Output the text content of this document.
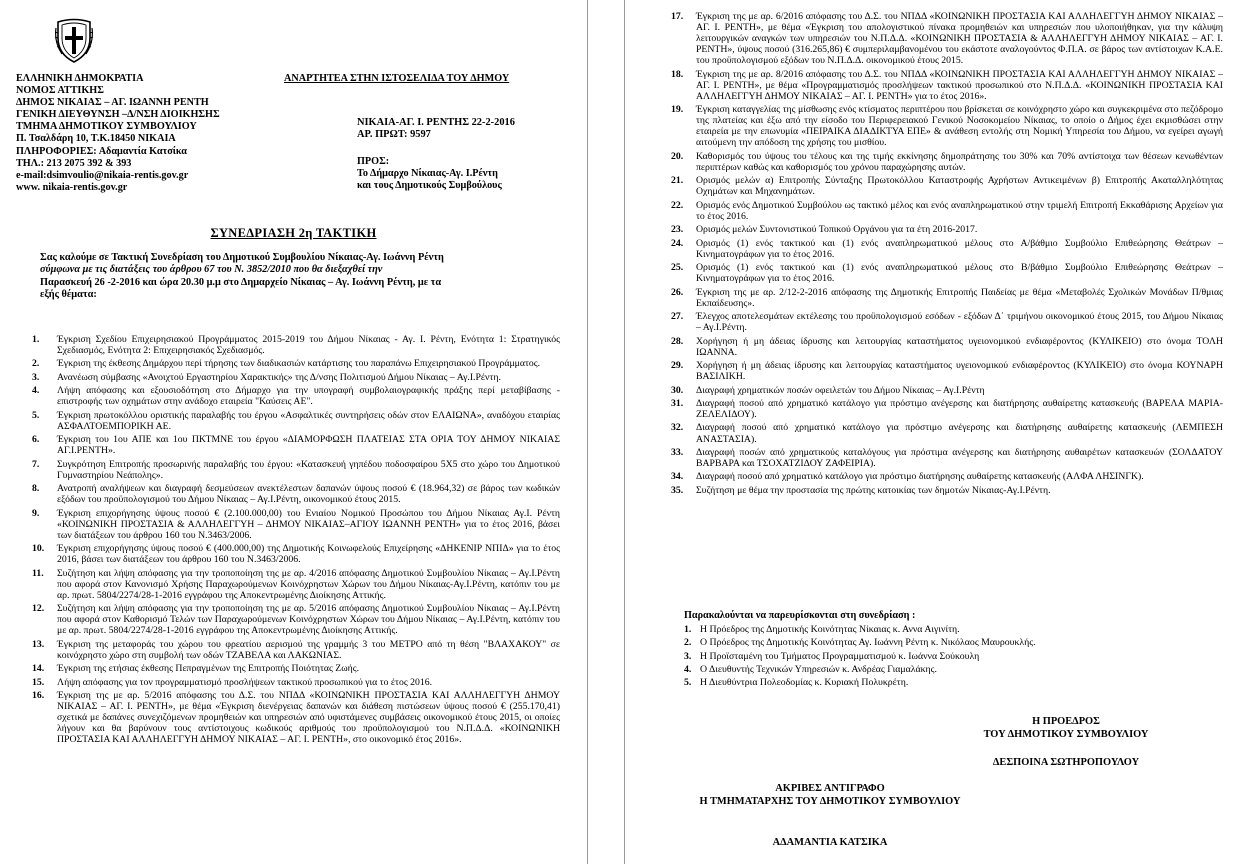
ΕΛΛΗΝΙΚΗ ΔΗΜΟΚΡΑΤΙΑ
ΝΟΜΟΣ ΑΤΤΙΚΗΣ
ΔΗΜΟΣ ΝΙΚΑΙΑΣ – ΑΓ. ΙΩΑΝΝΗ ΡΕΝΤΗ
ΓΕΝΙΚΗ ΔΙΕΥΘΥΝΣΗ –Δ/ΝΣΗ ΔΙΟΙΚΗΣΗΣ
ΤΜΗΜΑ ΔΗΜΟΤΙΚΟΥ ΣΥΜΒΟΥΛΙΟΥ
Π. Τσαλδάρη 10, Τ.Κ.18450 ΝΙΚΑΙΑ
ΠΛΗΡΟΦΟΡΙΕΣ: Αδαμαντία Κατσίκα
ΤΗΛ.: 213 2075 392 & 393
e-mail:dsimvoulio@nikaia-rentis.gov.gr
www. nikaia-rentis.gov.gr
ΑΝΑΡΤΗΤΕΑ ΣΤΗΝ ΙΣΤΟΣΕΛΙΔΑ ΤΟΥ ΔΗΜΟΥ
ΝΙΚΑΙΑ-ΑΓ. Ι. ΡΕΝΤΗΣ 22-2-2016
ΑΡ. ΠΡΩΤ: 9597
ΠΡΟΣ:
Το Δήμαρχο Νίκαιας-Αγ. Ι.Ρέντη
και τους Δημοτικούς Συμβούλους
ΣΥΝΕΔΡΙΑΣΗ 2η ΤΑΚΤΙΚΗ
Σας καλούμε σε Τακτική Συνεδρίαση του Δημοτικού Συμβουλίου Νίκαιας-Αγ. Ιωάννη Ρέντη
σύμφωνα με τις διατάξεις του άρθρου 67 του Ν. 3852/2010 που θα διεξαχθεί την
Παρασκευή 26 -2-2016 και ώρα 20.30 μ.μ στο Δημαρχείο Νίκαιας – Αγ. Ιωάννη Ρέντη, με τα
εξής θέματα:
1. Έγκριση Σχεδίου Επιχειρησιακού Προγράμματος 2015-2019 του Δήμου Νίκαιας - Αγ. Ι. Ρέντη, Ενότητα 1: Στρατηγικός Σχεδιασμός, Ενότητα 2: Επιχειρησιακός Σχεδιασμός.
2. Έγκριση της έκθεσης Δημάρχου περί τήρησης των διαδικασιών κατάρτισης του παραπάνω Επιχειρησιακού Προγράμματος.
3. Ανανέωση σύμβασης «Ανοιχτού Εργαστηρίου Χαρακτικής» της Δ/νσης Πολιτισμού Δήμου Νίκαιας – Αγ.Ι.Ρέντη.
4. Λήψη απόφασης και εξουσιοδότηση στο Δήμαρχο για την υπογραφή συμβολαιογραφικής πράξης περί μεταβίβασης - επιστροφής των οχημάτων στην ανάδοχο εταιρεία "Καύσεις ΑΕ".
5. Έγκριση πρωτοκόλλου οριστικής παραλαβής του έργου «Ασφαλτικές συντηρήσεις οδών στον ΕΛΑΙΩΝΑ», αναδόχου εταιρίας ΑΣΦΑΛΤΟΕΜΠΟΡΙΚΗ ΑΕ.
6. Έγκριση του 1ου ΑΠΕ και 1ου ΠΚΤΜΝΕ του έργου «ΔΙΑΜΟΡΦΩΣΗ ΠΛΑΤΕΙΑΣ ΣΤΑ ΟΡΙΑ ΤΟΥ ΔΗΜΟΥ ΝΙΚΑΙΑΣ ΑΓ.Ι.ΡΕΝΤΗ».
7. Συγκρότηση Επιτροπής προσωρινής παραλαβής του έργου: «Κατασκευή γηπέδου ποδοσφαίρου 5Χ5 στο χώρο του Δημοτικού Γυμναστηρίου Νεάπολης».
8. Ανατροπή αναλήψεων και διαγραφή δεσμεύσεων ανεκτέλεστων δαπανών ύψους ποσού € (18.964,32) σε βάρος των κωδικών εξόδων του προϋπολογισμού του Δήμου Νίκαιας – Αγ.Ι.Ρέντη, οικονομικού έτους 2015.
9. Έγκριση επιχορήγησης ύψους ποσού € (2.100.000,00) του Ενιαίου Νομικού Προσώπου του Δήμου Νίκαιας Αγ.Ι. Ρέντη «ΚΟΙΝΩΝΙΚΗ ΠΡΟΣΤΑΣΙΑ & ΑΛΛΗΛΕΓΓΥΗ – ΔΗΜΟΥ ΝΙΚΑΙΑΣ–ΑΓΙΟΥ ΙΩΑΝΝΗ ΡΕΝΤΗ» για το έτος 2016, βάσει των διατάξεων του άρθρου 160 του Ν.3463/2006.
10. Έγκριση επιχορήγησης ύψους ποσού € (400.000,00) της Δημοτικής Κοινωφελούς Επιχείρησης «ΔΗΚΕΝΙΡ ΝΠΙΔ» για το έτος 2016, βάσει των διατάξεων του άρθρου 160 του Ν.3463/2006.
11. Συζήτηση και λήψη απόφασης για την τροποποίηση της με αρ. 4/2016 απόφασης Δημοτικού Συμβουλίου Νίκαιας – Αγ.Ι.Ρέντη που αφορά στον Κανονισμό Χρήσης Παραχωρούμενων Κοινόχρηστων Χώρων του Δήμου Νίκαιας-Αγ.Ι.Ρέντη, κατόπιν του με αρ. πρωτ. 5804/2274/28-1-2016 εγγράφου της Αποκεντρωμένης Διοίκησης Αττικής.
12. Συζήτηση και λήψη απόφασης για την τροποποίηση της με αρ. 5/2016 απόφασης Δημοτικού Συμβουλίου Νίκαιας – Αγ.Ι.Ρέντη που αφορά στον Καθορισμό Τελών των Παραχωρούμενων Κοινόχρηστων Χώρων του Δήμου Νίκαιας – Αγ.Ι.Ρέντη, κατόπιν του με αρ. πρωτ. 5804/2274/28-1-2016 εγγράφου της Αποκεντρωμένης Διοίκησης Αττικής.
13. Έγκριση της μεταφοράς του χώρου του φρεατίου αερισμού της γραμμής 3 του ΜΕΤΡΟ από τη θέση "ΒΛΑΧΑΚΟΥ" σε κοινόχρηστο χώρο στη συμβολή των οδών ΤΖΑΒΕΛΑ και ΛΑΚΩΝΙΑΣ.
14. Έγκριση της ετήσιας έκθεσης Πεπραγμένων της Επιτροπής Ποιότητας Ζωής.
15. Λήψη απόφασης για τον προγραμματισμό προσλήψεων τακτικού προσωπικού για το έτος 2016.
16. Έγκριση της με αρ. 5/2016 απόφασης του Δ.Σ. του ΝΠΔΔ «ΚΟΙΝΩΝΙΚΗ ΠΡΟΣΤΑΣΙΑ ΚΑΙ ΑΛΛΗΛΕΓΓΥΗ ΔΗΜΟΥ ΝΙΚΑΙΑΣ – ΑΓ. Ι. ΡΕΝΤΗ», με θέμα «Έγκριση διενέργειας δαπανών και διάθεση πιστώσεων ύψους ποσού € (255.170,41) σχετικά με δαπάνες συνεχιζόμενων προμηθειών και υπηρεσιών από υφιστάμενες συμβάσεις οικονομικού έτους 2015, οι οποίες λήγουν και θα βαρύνουν τους αντίστοιχους κωδικούς αριθμούς του προϋπολογισμού του Ν.Π.Δ.Δ. «ΚΟΙΝΩΝΙΚΗ ΠΡΟΣΤΑΣΙΑ ΚΑΙ ΑΛΛΗΛΕΓΓΥΗ ΔΗΜΟΥ ΝΙΚΑΙΑΣ – ΑΓ. Ι. ΡΕΝΤΗ», στο οικονομικό έτος 2016».
17. Έγκριση της με αρ. 6/2016 απόφασης του Δ.Σ. του ΝΠΔΔ «ΚΟΙΝΩΝΙΚΗ ΠΡΟΣΤΑΣΙΑ ΚΑΙ ΑΛΛΗΛΕΓΓΥΗ ΔΗΜΟΥ ΝΙΚΑΙΑΣ – ΑΓ. Ι. ΡΕΝΤΗ», με θέμα «Έγκριση του απολογιστικού πίνακα προμηθειών και υπηρεσιών που υλοποιήθηκαν, για την κάλυψη λειτουργικών αναγκών των υπηρεσιών του Ν.Π.Δ.Δ. «ΚΟΙΝΩΝΙΚΗ ΠΡΟΣΤΑΣΙΑ & ΑΛΛΗΛΕΓΓΥΗ ΔΗΜΟΥ ΝΙΚΑΙΑΣ – ΑΓ. Ι. ΡΕΝΤΗ», ύψους ποσού (316.265,86) € συμπεριλαμβανομένου του εκάστοτε αναλογούντος Φ.Π.Α. σε βάρος των αντίστοιχων Κ.Α.Ε. του προϋπολογισμού εξόδων του Ν.Π.Δ.Δ. οικονομικού έτους 2015.
18. Έγκριση της με αρ. 8/2016 απόφασης του Δ.Σ. του ΝΠΔΔ «ΚΟΙΝΩΝΙΚΗ ΠΡΟΣΤΑΣΙΑ ΚΑΙ ΑΛΛΗΛΕΓΓΥΗ ΔΗΜΟΥ ΝΙΚΑΙΑΣ – ΑΓ. Ι. ΡΕΝΤΗ», με θέμα «Προγραμματισμός προσλήψεων τακτικού προσωπικού στο Ν.Π.Δ.Δ. «ΚΟΙΝΩΝΙΚΗ ΠΡΟΣΤΑΣΙΑ ΚΑΙ ΑΛΛΗΛΕΓΓΥΗ ΔΗΜΟΥ ΝΙΚΑΙΑΣ – ΑΓ. Ι. ΡΕΝΤΗ» για το έτος 2016».
19. Έγκριση καταγγελίας της μίσθωσης ενός κτίσματος περιπτέρου που βρίσκεται σε κοινόχρηστο χώρο και συγκεκριμένα στο πεζόδρομο της πλατείας και έξω από την είσοδο του Περιφερειακού Γενικού Νοσοκομείου Νίκαιας, το οποίο ο Δήμος έχει εκμισθώσει στην εταιρεία με την επωνυμία «ΠΕΙΡΑΙΚΑ ΔΙΑΔΙΚΤΥΑ ΕΠΕ» & ανάθεση εντολής στη Νομική Υπηρεσία του Δήμου, να εγείρει αγωγή αιτούμενη την απόδοση της χρήσης του μισθίου.
20. Καθορισμός του ύψους του τέλους και της τιμής εκκίνησης δημοπράτησης του 30% και 70% αντίστοιχα των θέσεων κενωθέντων περιπτέρων καθώς και καθορισμός του χρόνου παραχώρησης αυτών.
21. Ορισμός μελών α) Επιτροπής Σύνταξης Πρωτοκόλλου Καταστροφής Αχρήστων Αντικειμένων β) Επιτροπής Ακαταλληλότητας Οχημάτων και Μηχανημάτων.
22. Ορισμός ενός Δημοτικού Συμβούλου ως τακτικό μέλος και ενός αναπληρωματικού στην τριμελή Επιτροπή Εκκαθάρισης Αρχείων για το έτος 2016.
23. Ορισμός μελών Συντονιστικού Τοπικού Οργάνου για τα έτη 2016-2017.
24. Ορισμός (1) ενός τακτικού και (1) ενός αναπληρωματικού μέλους στο Α/βάθμιο Συμβούλιο Επιθεώρησης Θεάτρων – Κινηματογράφων για το έτος 2016.
25. Ορισμός (1) ενός τακτικού και (1) ενός αναπληρωματικού μέλους στο Β/βάθμιο Συμβούλιο Επιθεώρησης Θεάτρων – Κινηματογράφων για το έτος 2016.
26. Έγκριση της με αρ. 2/12-2-2016 απόφασης της Δημοτικής Επιτροπής Παιδείας με θέμα «Μεταβολές Σχολικών Μονάδων Π/θμιας Εκπαίδευσης».
27. Έλεγχος αποτελεσμάτων εκτέλεσης του προϋπολογισμού εσόδων - εξόδων Δ΄ τριμήνου οικονομικού έτους 2015, του Δήμου Νίκαιας – Αγ.Ι.Ρέντη.
28. Χορήγηση ή μη άδειας ίδρυσης και λειτουργίας καταστήματος υγειονομικού ενδιαφέροντος (ΚΥΛΙΚΕΙΟ) στο όνομα ΤΟΛΗ ΙΩΑΝΝΑ.
29. Χορήγηση ή μη άδειας ίδρυσης και λειτουργίας καταστήματος υγειονομικού ενδιαφέροντος (ΚΥΛΙΚΕΙΟ) στο όνομα ΚΟΥΝΑΡΗ ΒΑΣΙΛΙΚΗ.
30. Διαγραφή χρηματικών ποσών οφειλετών του Δήμου Νίκαιας – Αγ.Ι.Ρέντη
31. Διαγραφή ποσού από χρηματικό κατάλογο για πρόστιμο ανέγερσης και διατήρησης αυθαίρετης κατασκευής (ΒΑΡΕΛΑ ΜΑΡΙΑ-ΖΕΛΕΛΙΔΟΥ).
32. Διαγραφή ποσού από χρηματικό κατάλογο για πρόστιμο ανέγερσης και διατήρησης αυθαίρετης κατασκευής (ΛΕΜΠΕΣΗ ΑΝΑΣΤΑΣΙΑ).
33. Διαγραφή ποσών από χρηματικούς καταλόγους για πρόστιμα ανέγερσης και διατήρησης αυθαιρέτων κατασκευών (ΣΟΛΔΑΤΟΥ ΒΑΡΒΑΡΑ και ΤΣΟΧΑΤΖΙΔΟΥ ΖΑΦΕΙΡΙΑ).
34. Διαγραφή ποσού από χρηματικό κατάλογο για πρόστιμο διατήρησης αυθαίρετης κατασκευής (ΑΛΦΑ ΛΗΣΙΝΓΚ).
35. Συζήτηση με θέμα την προστασία της πρώτης κατοικίας των δημοτών Νίκαιας-Αγ.Ι.Ρέντη.
Παρακαλούνται να παρευρίσκονται στη συνεδρίαση :
1. Η Πρόεδρος της Δημοτικής Κοινότητας Νίκαιας κ. Αννα Αιγινίτη.
2. Ο Πρόεδρος της Δημοτικής Κοινότητας Αγ. Ιωάννη Ρέντη κ. Νικόλαος Μαυρουκλής.
3. Η Προϊσταμένη του Τμήματος Προγραμματισμού κ. Ιωάννα Σούκουλη
4. Ο Διευθυντής Τεχνικών Υπηρεσιών κ. Ανδρέας Γιαμαλάκης.
5. Η Διευθύντρια Πολεοδομίας κ. Κυριακή Πολυκρέτη.
Η ΠΡΟΕΔΡΟΣ
ΤΟΥ ΔΗΜΟΤΙΚΟΥ ΣΥΜΒΟΥΛΙΟΥ
ΔΕΣΠΟΙΝΑ ΣΩΤΗΡΟΠΟΥΛΟΥ
ΑΚΡΙΒΕΣ ΑΝΤΙΓΡΑΦΟ
Η ΤΜΗΜΑΤΑΡΧΗΣ ΤΟΥ ΔΗΜΟΤΙΚΟΥ ΣΥΜΒΟΥΛΙΟΥ
ΑΔΑΜΑΝΤΙΑ ΚΑΤΣΙΚΑ
